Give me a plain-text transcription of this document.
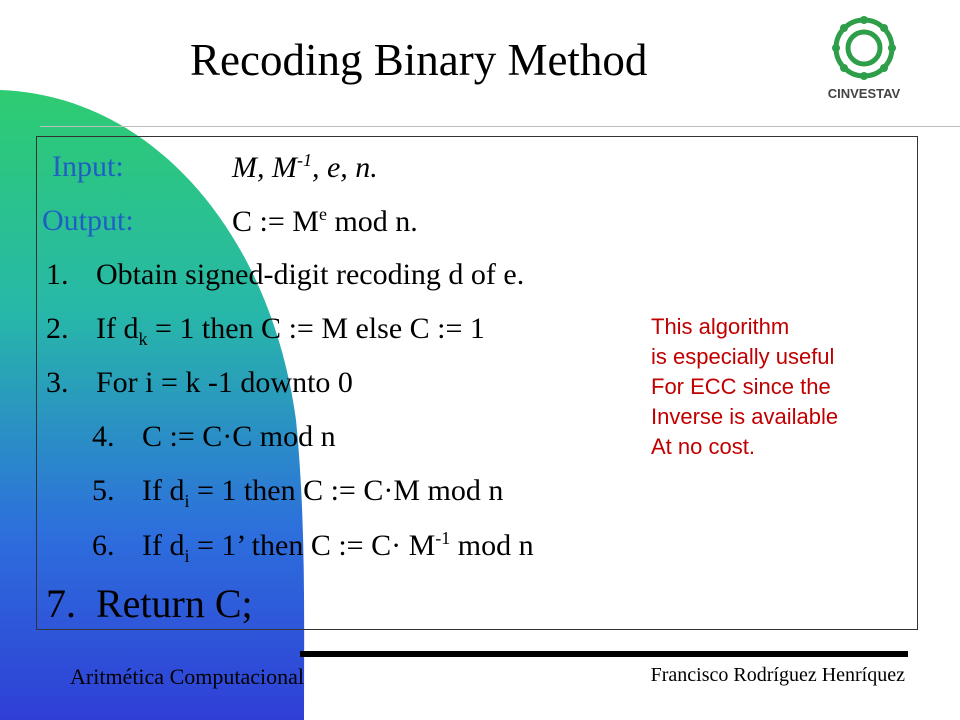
Recoding Binary Method
CINVESTAV
Input:	M, $M^{-1}$, e, n.
Output:	C := $M^e$ mod n.
1. Obtain signed-digit recoding d of e.
2. If $d_k = 1$ then C := M else C := 1
3. For i = k -1 downto 0
4. C := C·C mod n
5. If $d_i = 1$ then C := C·M mod n
6. If $d_i = 1$’ then C := $C\cdot M^{-1}$ mod n
7. Return C;
This algorithm
is especially useful
For ECC since the
Inverse is available
At no cost.
Aritmética Computacional	Francisco Rodríguez Henríquez
